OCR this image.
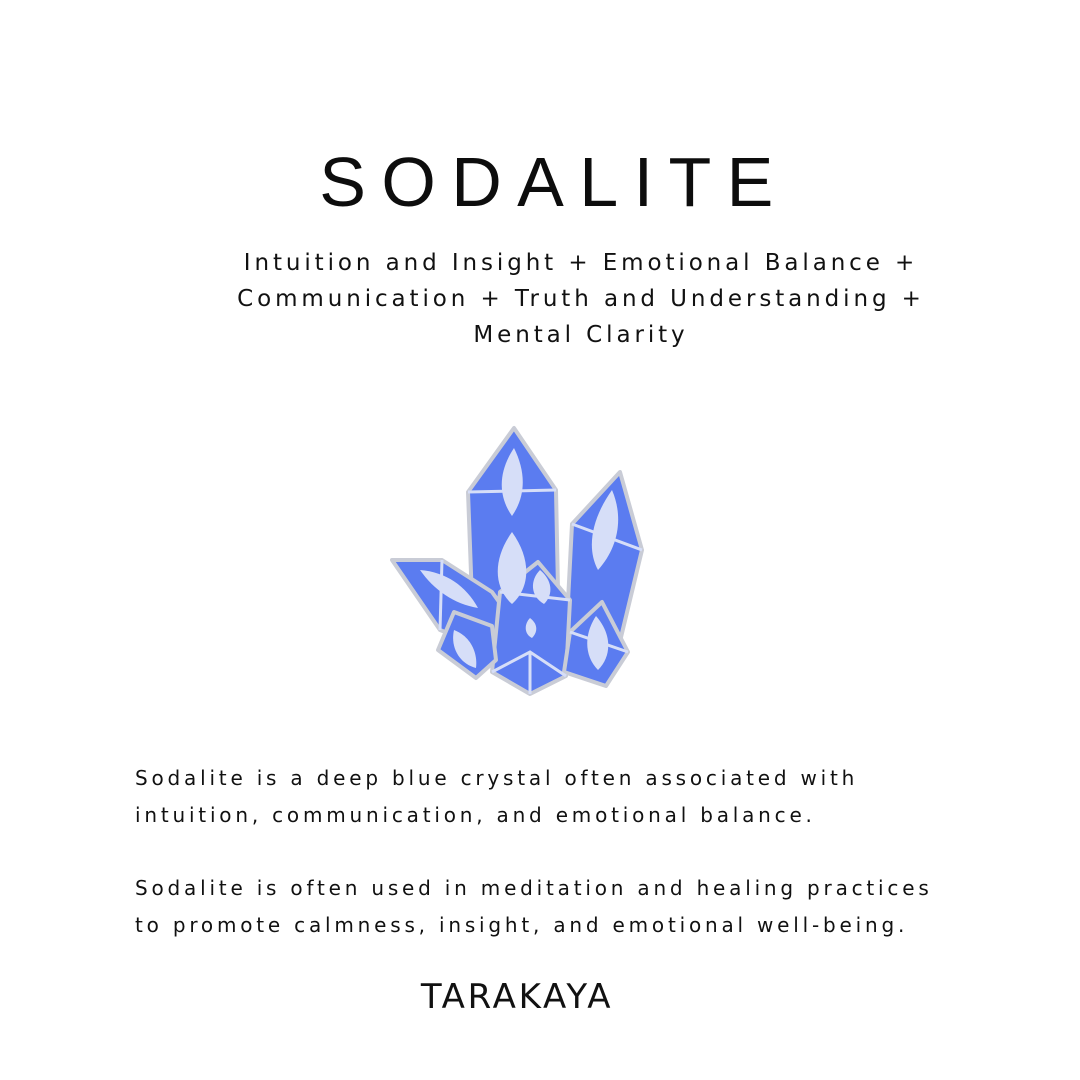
SODALITE
Intuition and Insight + Emotional Balance +
Communication + Truth and Understanding +
Mental Clarity
Sodalite is a deep blue crystal often associated with
intuition, communication, and emotional balance.
Sodalite is often used in meditation and healing practices
to promote calmness, insight, and emotional well-being.
TARAKAYA
